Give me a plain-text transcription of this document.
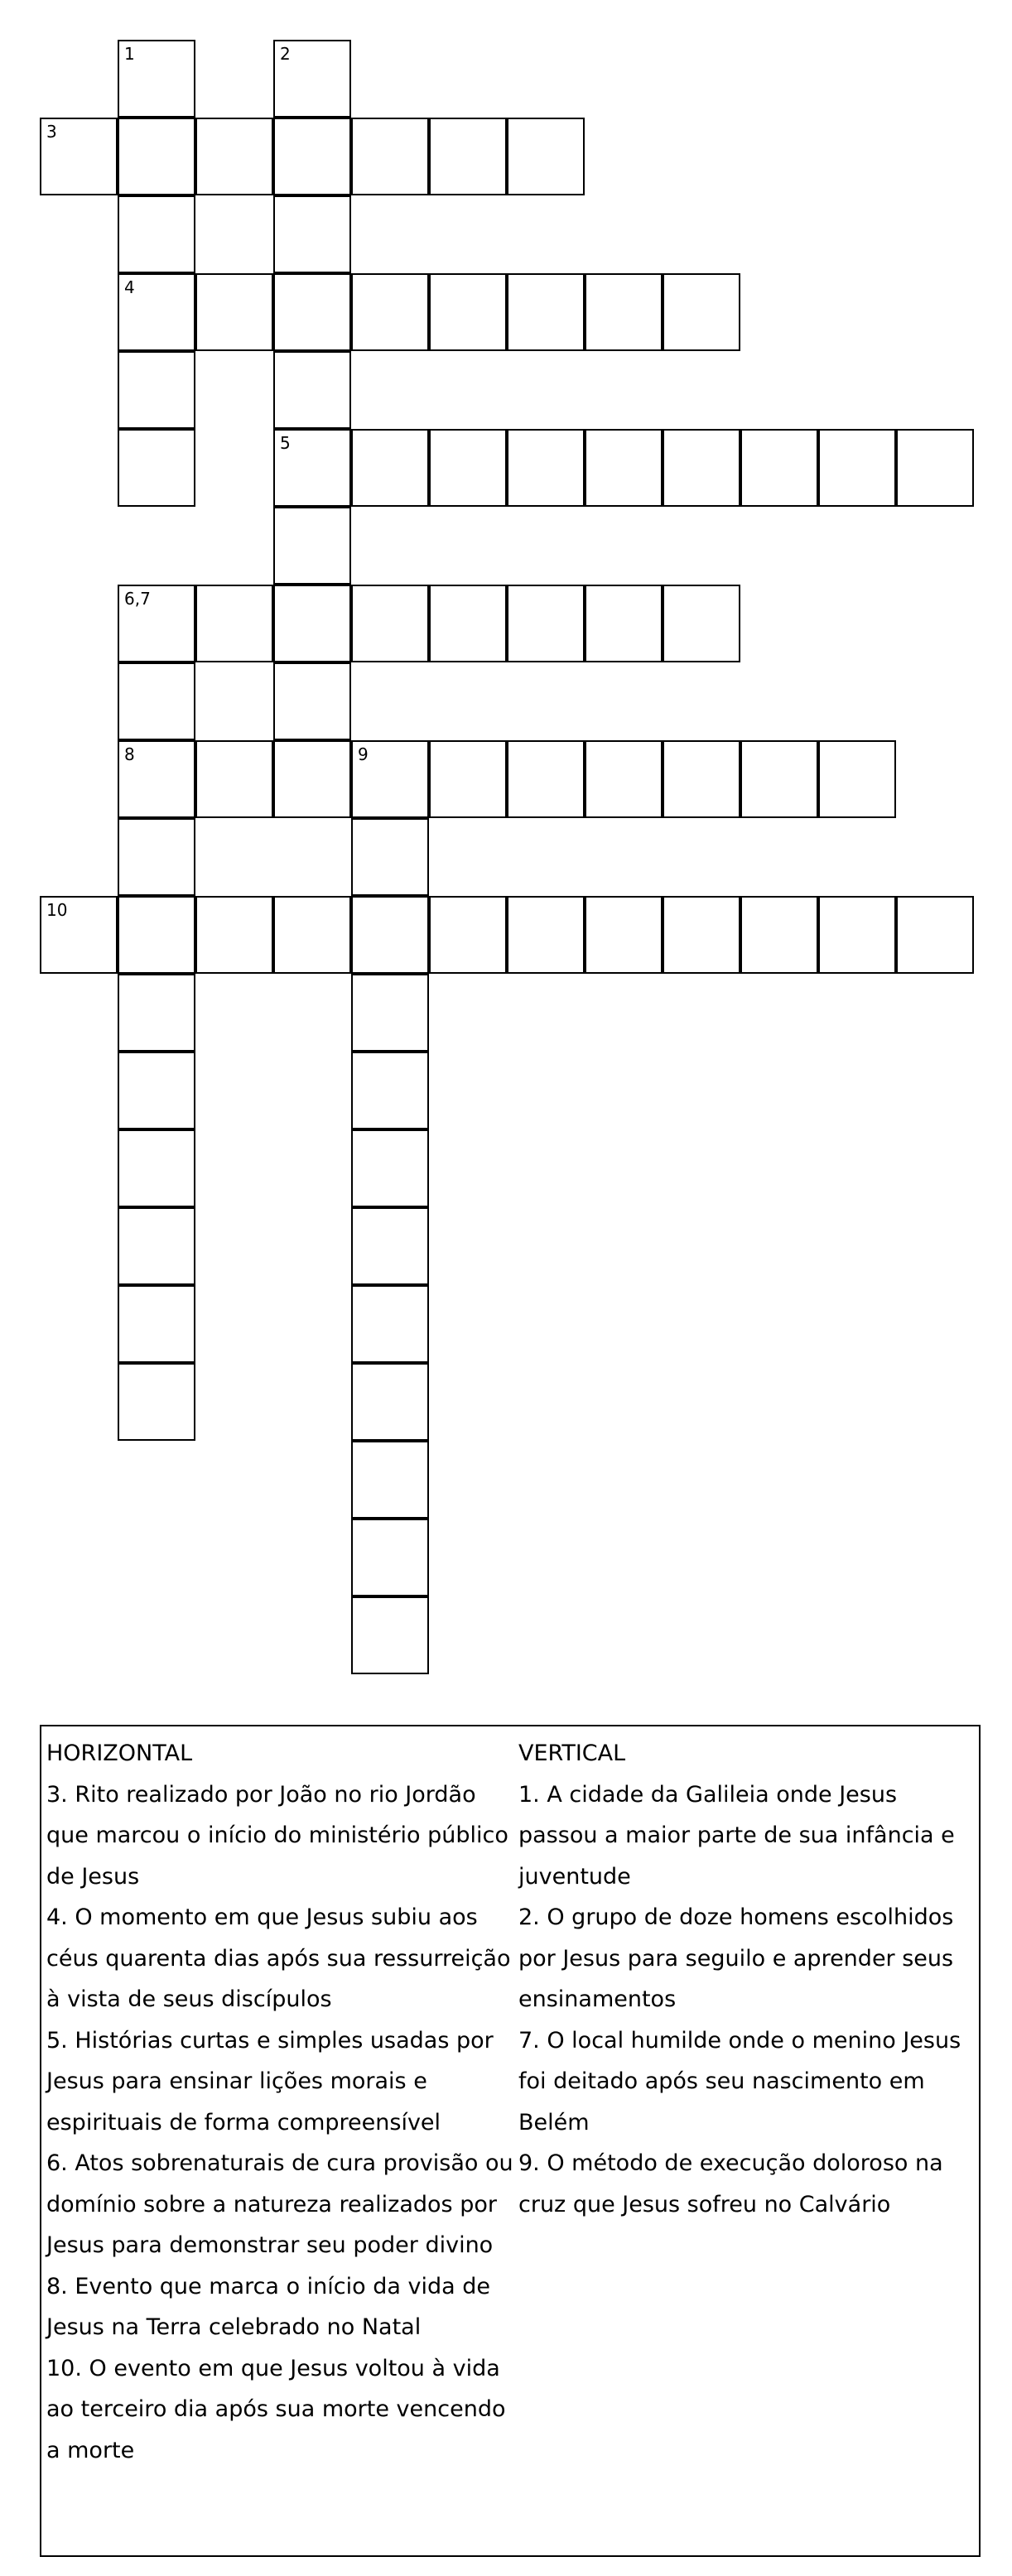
3
4
5
6,7
8	9
10
1	2

HORIZONTAL

3. Rito realizado por João no rio Jordão que marcou o início do ministério público de Jesus

4. O momento em que Jesus subiu aos céus quarenta dias após sua ressurreição à vista de seus discípulos

5. Histórias curtas e simples usadas por Jesus para ensinar lições morais e espirituais de forma compreensível

6. Atos sobrenaturais de cura provisão ou domínio sobre a natureza realizados por Jesus para demonstrar seu poder divino

8. Evento que marca o início da vida de Jesus na Terra celebrado no Natal

10. O evento em que Jesus voltou à vida ao terceiro dia após sua morte vencendo a morte

VERTICAL

1. A cidade da Galileia onde Jesus passou a maior parte de sua infância e juventude

2. O grupo de doze homens escolhidos por Jesus para seguilo e aprender seus ensinamentos

7. O local humilde onde o menino Jesus foi deitado após seu nascimento em Belém

9. O método de execução doloroso na cruz que Jesus sofreu no Calvário
